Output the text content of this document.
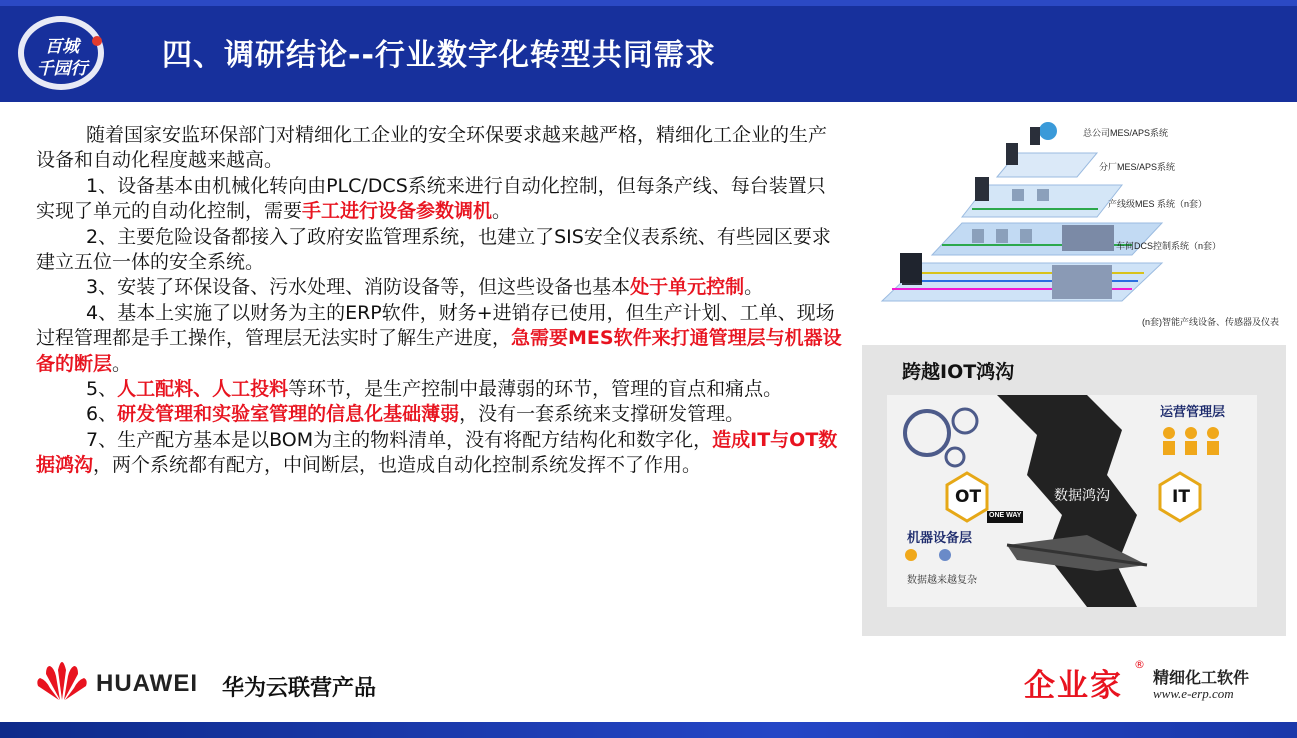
百城
千园行	四、调研结论--行业数字化转型共同需求

随着国家安监环保部门对精细化工企业的安全环保要求越来越严格，精细化工企业的生产设备和自动化程度越来越高。

1、设备基本由机械化转向由PLC/DCS系统来进行自动化控制，但每条产线、每台装置只实现了单元的自动化控制，需要手工进行设备参数调机。

2、主要危险设备都接入了政府安监管理系统，也建立了SIS安全仪表系统、有些园区要求建立五位一体的安全系统。

3、安装了环保设备、污水处理、消防设备等，但这些设备也基本处于单元控制。

4、基本上实施了以财务为主的ERP软件，财务+进销存已使用，但生产计划、工单、现场过程管理都是手工操作，管理层无法实时了解生产进度，急需要MES软件来打通管理层与机器设备的断层。

5、人工配料、人工投料等环节，是生产控制中最薄弱的环节，管理的盲点和痛点。

6、研发管理和实验室管理的信息化基础薄弱，没有一套系统来支撑研发管理。

7、生产配方基本是以BOM为主的物料清单，没有将配方结构化和数字化，造成IT与OT数据鸿沟，两个系统都有配方，中间断层，也造成自动化控制系统发挥不了作用。

总公司MES/APS系统
分厂MES/APS系统
产线级MES 系统（n套）
车间DCS控制系统（n套）
(n套)智能产线设备、传感器及仪表
跨越IOT鸿沟
运营管理层
机器设备层
数据鸿沟
OT	IT
ONE WAY
数据越来越复杂
HUAWEI 华为云联营产品	企业家
®
精细化工软件
www.e-erp.com
